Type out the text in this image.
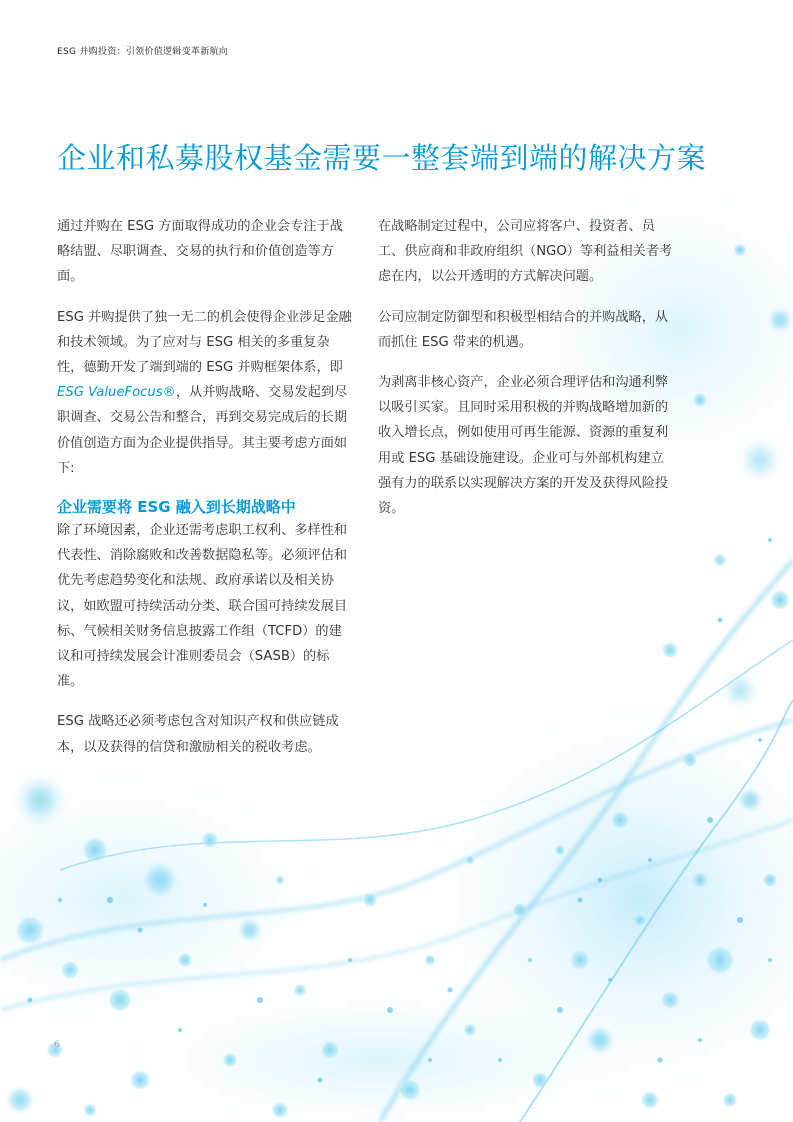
ESG 并购投资：引领价值逻辑变革新航向
企业和私募股权基金需要一整套端到端的解决方案

通过并购在 ESG 方面取得成功的企业会专注于战略结盟、尽职调查、交易的执行和价值创造等方面。

ESG 并购提供了独一无二的机会使得企业涉足金融和技术领域。为了应对与 ESG 相关的多重复杂性，德勤开发了端到端的 ESG 并购框架体系，即 ESG ValueFocus®，从并购战略、交易发起到尽职调查、交易公告和整合，再到交易完成后的长期价值创造方面为企业提供指导。其主要考虑方面如下:

企业需要将 ESG 融入到长期战略中

除了环境因素，企业还需考虑职工权利、多样性和代表性、消除腐败和改善数据隐私等。必须评估和优先考虑趋势变化和法规、政府承诺以及相关协议，如欧盟可持续活动分类、联合国可持续发展目标、气候相关财务信息披露工作组（TCFD）的建议和可持续发展会计准则委员会（SASB）的标准。

ESG 战略还必须考虑包含对知识产权和供应链成本，以及获得的信贷和激励相关的税收考虑。

在战略制定过程中，公司应将客户、投资者、员工、供应商和非政府组织（NGO）等利益相关者考虑在内，以公开透明的方式解决问题。

公司应制定防御型和积极型相结合的并购战略，从而抓住 ESG 带来的机遇。

为剥离非核心资产，企业必须合理评估和沟通利弊以吸引买家。且同时采用积极的并购战略增加新的收入增长点，例如使用可再生能源、资源的重复利用或 ESG 基础设施建设。企业可与外部机构建立强有力的联系以实现解决方案的开发及获得风险投资。

6
